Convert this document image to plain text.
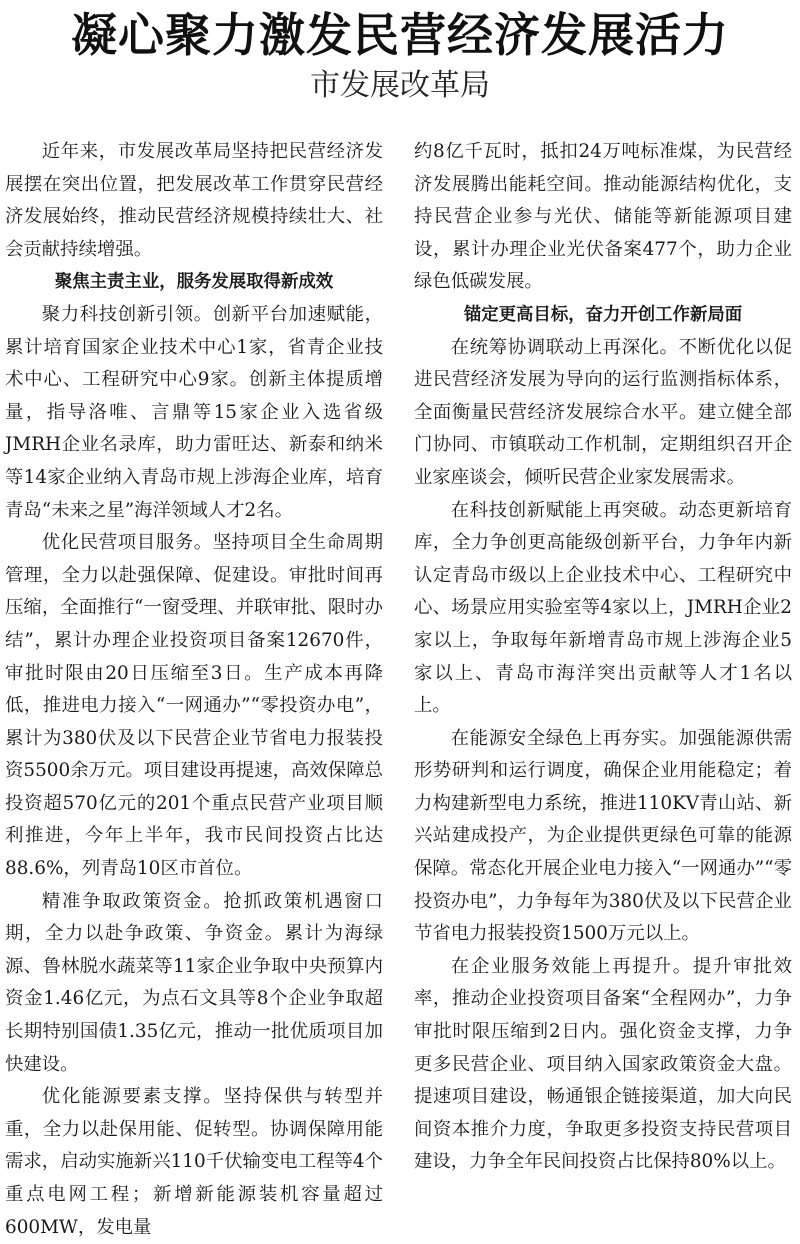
凝心聚力激发民营经济发展活力
市发展改革局

近年来，市发展改革局坚持把民营经济发展摆在突出位置，把发展改革工作贯穿民营经济发展始终，推动民营经济规模持续壮大、社会贡献持续增强。

聚焦主责主业，服务发展取得新成效

聚力科技创新引领。创新平台加速赋能，累计培育国家企业技术中心1家，省青企业技术中心、工程研究中心9家。创新主体提质增量，指导洛唯、言鼎等15家企业入选省级JMRH企业名录库，助力雷旺达、新泰和纳米等14家企业纳入青岛市规上涉海企业库，培育青岛“未来之星”海洋领域人才2名。

优化民营项目服务。坚持项目全生命周期管理，全力以赴强保障、促建设。审批时间再压缩，全面推行“一窗受理、并联审批、限时办结”，累计办理企业投资项目备案12670件，审批时限由20日压缩至3日。生产成本再降低，推进电力接入“一网通办”“零投资办电”，累计为380伏及以下民营企业节省电力报装投资5500余万元。项目建设再提速，高效保障总投资超570亿元的201个重点民营产业项目顺利推进，今年上半年，我市民间投资占比达88.6%，列青岛10区市首位。

精准争取政策资金。抢抓政策机遇窗口期，全力以赴争政策、争资金。累计为海绿源、鲁林脱水蔬菜等11家企业争取中央预算内资金1.46亿元，为点石文具等8个企业争取超长期特别国债1.35亿元，推动一批优质项目加快建设。

优化能源要素支撑。坚持保供与转型并重，全力以赴保用能、促转型。协调保障用能需求，启动实施新兴110千伏输变电工程等4个重点电网工程；新增新能源装机容量超过600MW，发电量

约8亿千瓦时，抵扣24万吨标准煤，为民营经济发展腾出能耗空间。推动能源结构优化，支持民营企业参与光伏、储能等新能源项目建设，累计办理企业光伏备案477个，助力企业绿色低碳发展。

锚定更高目标，奋力开创工作新局面

在统筹协调联动上再深化。不断优化以促进民营经济发展为导向的运行监测指标体系，全面衡量民营经济发展综合水平。建立健全部门协同、市镇联动工作机制，定期组织召开企业家座谈会，倾听民营企业家发展需求。

在科技创新赋能上再突破。动态更新培育库，全力争创更高能级创新平台，力争年内新认定青岛市级以上企业技术中心、工程研究中心、场景应用实验室等4家以上，JMRH企业2家以上，争取每年新增青岛市规上涉海企业5家以上、青岛市海洋突出贡献等人才1名以上。

在能源安全绿色上再夯实。加强能源供需形势研判和运行调度，确保企业用能稳定；着力构建新型电力系统，推进110KV青山站、新兴站建成投产，为企业提供更绿色可靠的能源保障。常态化开展企业电力接入“一网通办”“零投资办电”，力争每年为380伏及以下民营企业节省电力报装投资1500万元以上。

在企业服务效能上再提升。提升审批效率，推动企业投资项目备案“全程网办”，力争审批时限压缩到2日内。强化资金支撑，力争更多民营企业、项目纳入国家政策资金大盘。提速项目建设，畅通银企链接渠道，加大向民间资本推介力度，争取更多投资支持民营项目建设，力争全年民间投资占比保持80%以上。
